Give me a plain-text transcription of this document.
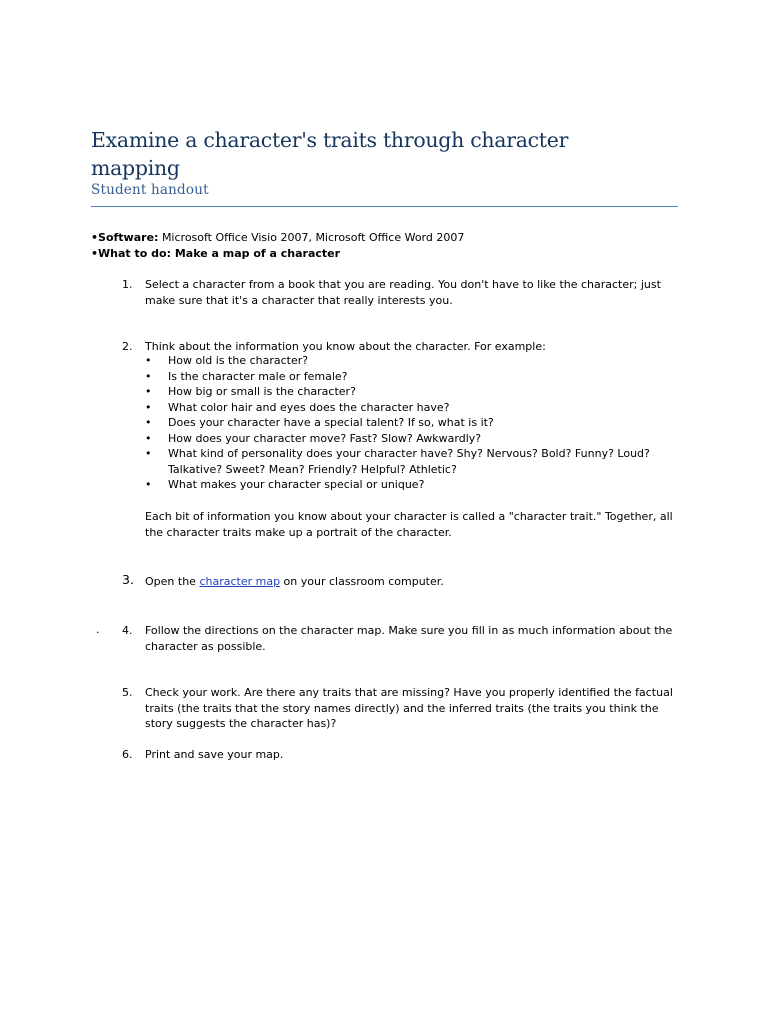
Examine a character's traits through character mapping
Student handout
•Software: Microsoft Office Visio 2007, Microsoft Office Word 2007
•What to do: Make a map of a character
1.	Select a character from a book that you are reading. You don't have to like the character; just make sure that it's a character that really interests you.
2.	Think about the information you know about the character. For example:
• How old is the character?
• Is the character male or female?
• How big or small is the character?
• What color hair and eyes does the character have?
• Does your character have a special talent? If so, what is it?
• How does your character move? Fast? Slow? Awkwardly?
• What kind of personality does your character have? Shy? Nervous? Bold? Funny? Loud? Talkative? Sweet? Mean? Friendly? Helpful? Athletic?
• What makes your character special or unique?
Each bit of information you know about your character is called a "character trait." Together, all the character traits make up a portrait of the character.
3.	Open the character map on your classroom computer.
. 4.	Follow the directions on the character map. Make sure you fill in as much information about the character as possible.
5.	Check your work. Are there any traits that are missing? Have you properly identified the factual traits (the traits that the story names directly) and the inferred traits (the traits you think the story suggests the character has)?
6.	Print and save your map.
